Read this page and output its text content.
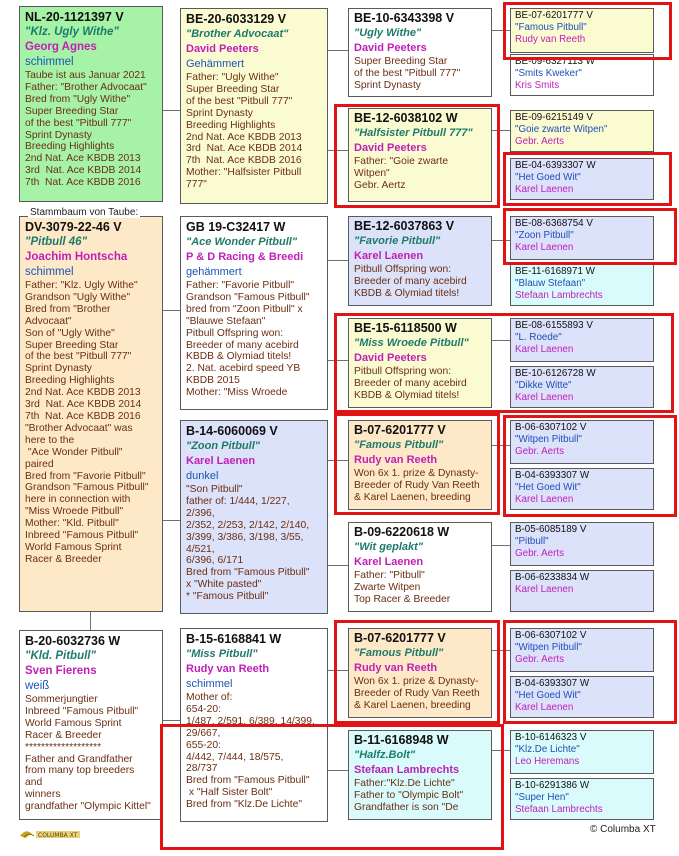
NL-20-1121397 V
"Klz. Ugly Withe"
Georg Agnes
schimmel
Taube ist aus Januar 2021
Father: "Brother Advocaat"
Bred from "Ugly Withe"
Super Breeding Star
of the best "Pitbull 777"
Sprint Dynasty
Breeding Highlights
2nd Nat. Ace KBDB 2013
3rd  Nat. Ace KBDB 2014
7th  Nat. Ace KBDB 2016
DV-3079-22-46 V
"Pitbull 46"
Joachim Hontscha
schimmel
Father: "Klz. Ugly Withe"
Grandson "Ugly Withe"
Bred from "Brother
Advocaat"
Son of "Ugly Withe"
Super Breeding Star
of the best "Pitbull 777"
Sprint Dynasty
Breeding Highlights
2nd Nat. Ace KBDB 2013
3rd  Nat. Ace KBDB 2014
7th  Nat. Ace KBDB 2016
"Brother Advocaat" was
here to the
"Ace Wonder Pitbull"
paired
Bred from "Favorie Pitbull"
Grandson "Famous Pitbull"
here in connection with
"Miss Wroede Pitbull"
Mother: "Kld. Pitbull"
Inbreed "Famous Pitbull"
World Famous Sprint
Racer & Breeder
Stammbaum von Taube:
B-20-6032736 W
"Kld. Pitbull"
Sven Fierens
weiß
Sommerjungtier
Inbreed "Famous Pitbull"
World Famous Sprint
Racer & Breeder
*******************
Father and Grandfather
from many top breeders
and
winners
grandfather "Olympic Kittel"
BE-20-6033129 V
"Brother Advocaat"
David Peeters
Gehämmert
Father: "Ugly Withe"
Super Breeding Star
of the best "Pitbull 777"
Sprint Dynasty
Breeding Highlights
2nd Nat. Ace KBDB 2013
3rd  Nat. Ace KBDB 2014
7th  Nat. Ace KBDB 2016
Mother: "Halfsister Pitbull
777"
GB 19-C32417 W
"Ace Wonder Pitbull"
P & D Racing & Breedi
gehämmert
Father: "Favorie Pitbull"
Grandson "Famous Pitbull"
bred from "Zoon Pitbull" x
"Blauwe Stefaan"
Pitbull Offspring won:
Breeder of many acebird
KBDB & Olymiad titels!
2. Nat. acebird speed YB
KBDB 2015
Mother: "Miss Wroede
B-14-6060069 V
"Zoon Pitbull"
Karel Laenen
dunkel
"Son Pitbull"
father of: 1/444, 1/227,
2/396,
2/352, 2/253, 2/142, 2/140,
3/399, 3/386, 3/198, 3/55,
4/521,
6/396, 6/171
Bred from "Famous Pitbull"
x "White pasted"
* "Famous Pitbull"
B-15-6168841 W
"Miss Pitbull"
Rudy van Reeth
schimmel
Mother of:
654-20:
1/487, 2/591, 6/389, 14/399,
29/667,
655-20:
4/442, 7/444, 18/575,
28/737
Bred from "Famous Pitbull"
x "Half Sister Bolt"
Bred from "Klz.De Lichte"
BE-10-6343398 V
"Ugly Withe"
David Peeters
Super Breeding Star
of the best "Pitbull 777"
Sprint Dynasty
BE-12-6038102 W
"Halfsister Pitbull 777"
David Peeters
Father: "Goie zwarte
Witpen"
Gebr. Aertz
BE-12-6037863 V
"Favorie Pitbull"
Karel Laenen
Pitbull Offspring won:
Breeder of many acebird
KBDB & Olymiad titels!
BE-15-6118500 W
"Miss Wroede Pitbull"
David Peeters
Pitbull Offspring won:
Breeder of many acebird
KBDB & Olymiad titels!
B-07-6201777 V
"Famous Pitbull"
Rudy van Reeth
Won 6x 1. prize & Dynasty-
Breeder of Rudy Van Reeth
& Karel Laenen, breeding
B-09-6220618 W
"Wit geplakt"
Karel Laenen
Father: "Pitbull"
Zwarte Witpen
Top Racer & Breeder
B-07-6201777 V
"Famous Pitbull"
Rudy van Reeth
Won 6x 1. prize & Dynasty-
Breeder of Rudy Van Reeth
& Karel Laenen, breeding
B-11-6168948 W
"Halfz.Bolt"
Stefaan Lambrechts
Father:"Klz.De Lichte"
Father to "Olympic Bolt"
Grandfather is son "De
BE-07-6201777 V
"Famous Pitbull"
Rudy van Reeth
BE-09-6327113 W
"Smits Kweker"
Kris Smits
BE-09-6215149 V
"Goie zwarte Witpen"
Gebr. Aerts
BE-04-6393307 W
"Het Goed Wit"
Karel Laenen
BE-08-6368754 V
"Zoon Pitbull"
Karel Laenen
BE-11-6168971 W
"Blauw Stefaan"
Stefaan Lambrechts
BE-08-6155893 V
"L. Roede"
Karel Laenen
BE-10-6126728 W
"Dikke Witte"
Karel Laenen
B-06-6307102 V
"Witpen Pitbull"
Gebr. Aerts
B-04-6393307 W
"Het Goed Wit"
Karel Laenen
B-05-6085189 V
"Pitbull"
Gebr. Aerts
B-06-6233834 W
Karel Laenen
B-06-6307102 V
"Witpen Pitbull"
Gebr. Aerts
B-04-6393307 W
"Het Goed Wit"
Karel Laenen
B-10-6146323 V
"Klz.De Lichte"
Leo Heremans
B-10-6291386 W
"Super Hen"
Stefaan Lambrechts
COLUMBA XT
© Columba XT
